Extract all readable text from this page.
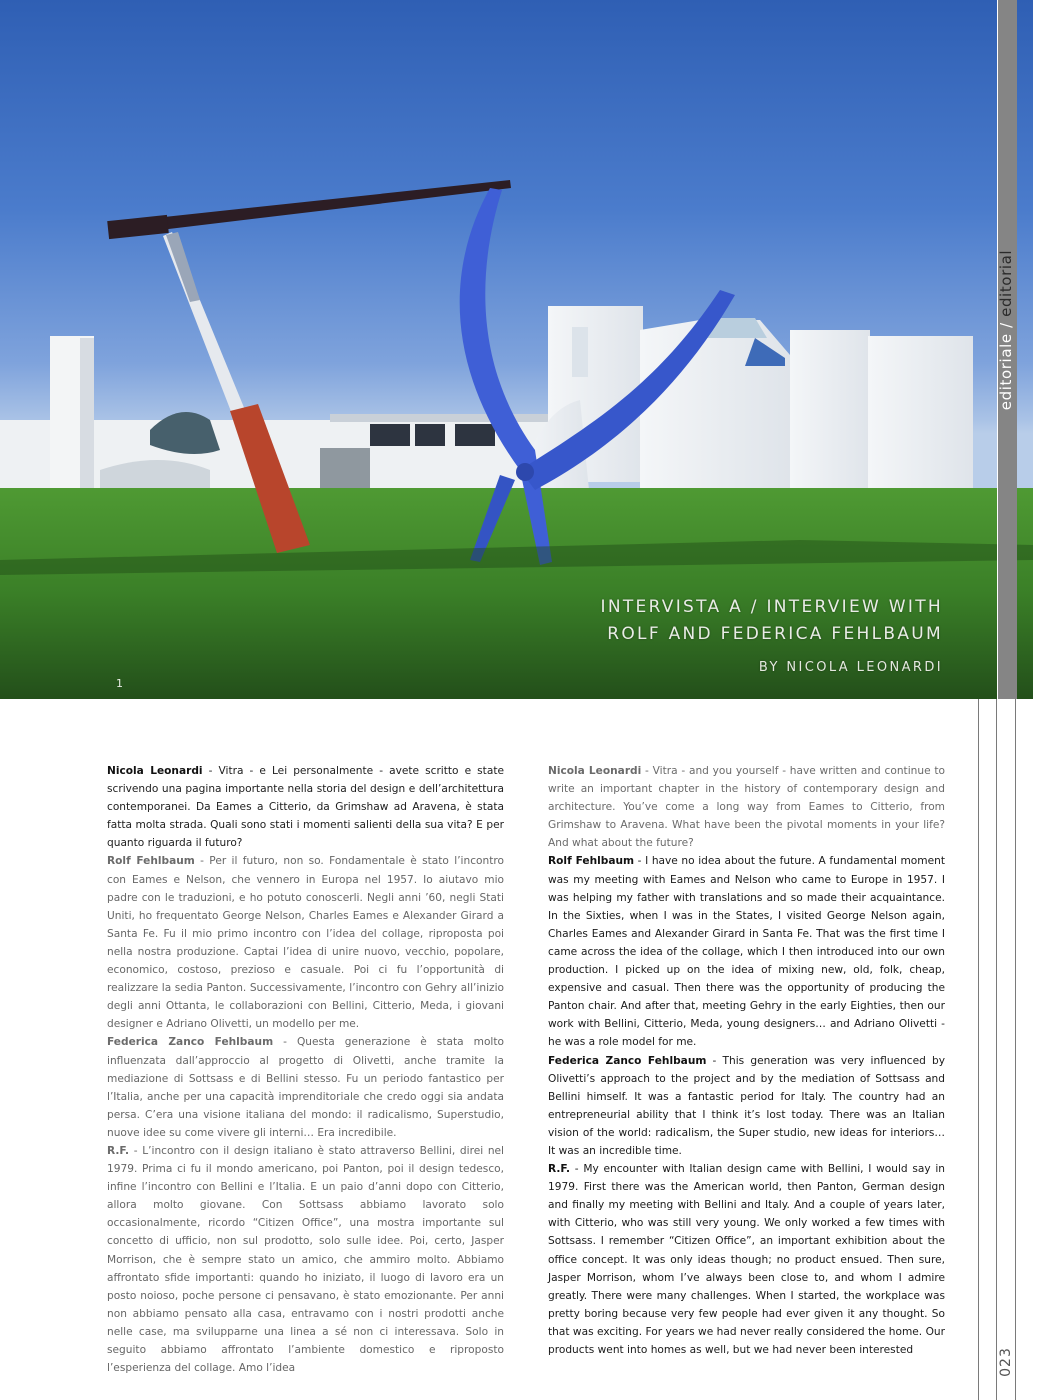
INTERVISTA A / INTERVIEW WITH
ROLF AND FEDERICA FEHLBAUM
BY NICOLA LEONARDI
1
editoriale / editorial
023

Nicola Leonardi - Vitra - e Lei personalmente - avete scritto e state scrivendo una pagina importante nella storia del design e dell’architettura contemporanei. Da Eames a Citterio, da Grimshaw ad Aravena, è stata fatta molta strada. Quali sono stati i momenti salienti della sua vita? E per quanto riguarda il futuro?

Rolf Fehlbaum - Per il futuro, non so. Fondamentale è stato l’incontro con Eames e Nelson, che vennero in Europa nel 1957. Io aiutavo mio padre con le traduzioni, e ho potuto conoscerli. Negli anni ’60, negli Stati Uniti, ho frequentato George Nelson, Charles Eames e Alexander Girard a Santa Fe. Fu il mio primo incontro con l’idea del collage, riproposta poi nella nostra produzione. Captai l’idea di unire nuovo, vecchio, popolare, economico, costoso, prezioso e casuale. Poi ci fu l’opportunità di realizzare la sedia Panton. Successivamente, l’incontro con Gehry all’inizio degli anni Ottanta, le collaborazioni con Bellini, Citterio, Meda, i giovani designer e Adriano Olivetti, un modello per me.

Federica Zanco Fehlbaum - Questa generazione è stata molto influenzata dall’approccio al progetto di Olivetti, anche tramite la mediazione di Sottsass e di Bellini stesso. Fu un periodo fantastico per l’Italia, anche per una capacità imprenditoriale che credo oggi sia andata persa. C’era una visione italiana del mondo: il radicalismo, Superstudio, nuove idee su come vivere gli interni… Era incredibile.

R.F. - L’incontro con il design italiano è stato attraverso Bellini, direi nel 1979. Prima ci fu il mondo americano, poi Panton, poi il design tedesco, infine l’incontro con Bellini e l’Italia. E un paio d’anni dopo con Citterio, allora molto giovane. Con Sottsass abbiamo lavorato solo occasionalmente, ricordo “Citizen Office”, una mostra importante sul concetto di ufficio, non sul prodotto, solo sulle idee. Poi, certo, Jasper Morrison, che è sempre stato un amico, che ammiro molto. Abbiamo affrontato sfide importanti: quando ho iniziato, il luogo di lavoro era un posto noioso, poche persone ci pensavano, è stato emozionante. Per anni non abbiamo pensato alla casa, entravamo con i nostri prodotti anche nelle case, ma svilupparne una linea a sé non ci interessava. Solo in seguito abbiamo affrontato l’ambiente domestico e riproposto l’esperienza del collage. Amo l’idea

Nicola Leonardi - Vitra - and you yourself - have written and continue to write an important chapter in the history of contemporary design and architecture. You’ve come a long way from Eames to Citterio, from Grimshaw to Aravena. What have been the pivotal moments in your life? And what about the future?

Rolf Fehlbaum - I have no idea about the future. A fundamental moment was my meeting with Eames and Nelson who came to Europe in 1957. I was helping my father with translations and so made their acquaintance. In the Sixties, when I was in the States, I visited George Nelson again, Charles Eames and Alexander Girard in Santa Fe. That was the first time I came across the idea of the collage, which I then introduced into our own production. I picked up on the idea of mixing new, old, folk, cheap, expensive and casual. Then there was the opportunity of producing the Panton chair. And after that, meeting Gehry in the early Eighties, then our work with Bellini, Citterio, Meda, young designers… and Adriano Olivetti - he was a role model for me.

Federica Zanco Fehlbaum - This generation was very influenced by Olivetti’s approach to the project and by the mediation of Sottsass and Bellini himself. It was a fantastic period for Italy. The country had an entrepreneurial ability that I think it’s lost today. There was an Italian vision of the world: radicalism, the Super studio, new ideas for interiors… It was an incredible time.

R.F. - My encounter with Italian design came with Bellini, I would say in 1979. First there was the American world, then Panton, German design and finally my meeting with Bellini and Italy. And a couple of years later, with Citterio, who was still very young. We only worked a few times with Sottsass. I remember “Citizen Office”, an important exhibition about the office concept. It was only ideas though; no product ensued. Then sure, Jasper Morrison, whom I’ve always been close to, and whom I admire greatly. There were many challenges. When I started, the workplace was pretty boring because very few people had ever given it any thought. So that was exciting. For years we had never really considered the home. Our products went into homes as well, but we had never been interested
